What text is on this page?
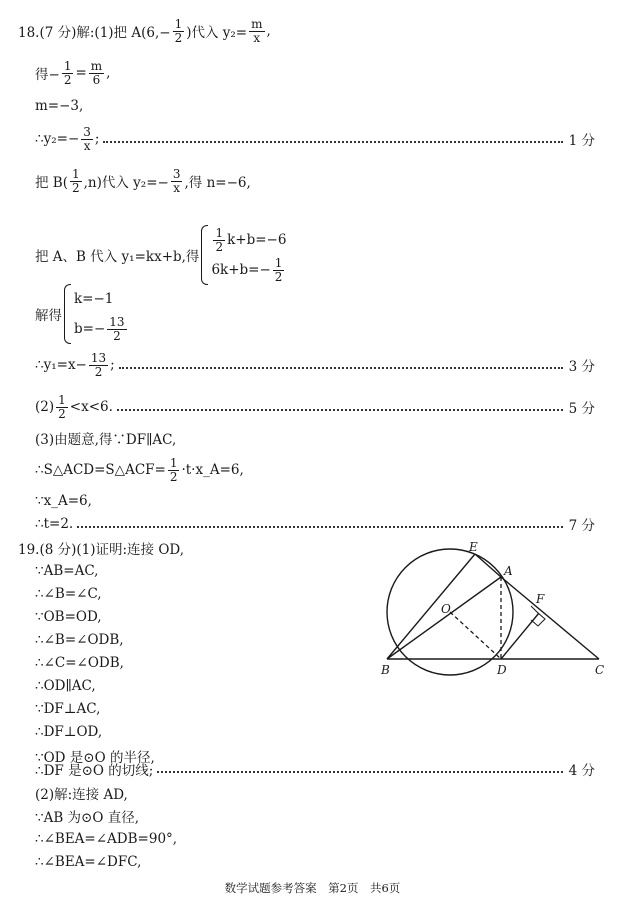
18.(7 分)解:(1)把 $A(6,- \frac{1}{2}$ )代入 $y_2= \frac{m}{x}$ ,
得− $\frac{1}{2} = \frac{m}{6}$ ,
m=−3,
∴y₂=− $\frac{3}{x}$ ;	1 分
把 $B( \frac{1}{2} ,n)$代入 $y_2=- \frac{3}{x}$ ,得 n=−6,
把 A、B 代入 y₁=kx+b,得
$\frac{1}{2} k+b=-6$
$6k+b=- \frac{1}{2}$
解得
k=−1
$b=- \frac{13}{2}$
∴y₁=x− $\frac{13}{2}$ ;	3 分
$(2) \frac{1}{2} <x<6$.	5 分
(3)由题意,得∵DF∥AC,
∴S△ACD=S△ACF= $\frac{1}{2}$ ·t·x_A=6,
∵x_A=6,
∴t=2.	7 分
∴DF 是⊙O 的切线;	4 分
E
A
F
O
B	D	C
数学试题参考答案　第2页　共6页
19.(8 分)(1)证明:连接 OD,
∵AB=AC,
∴∠B=∠C,
∵OB=OD,
∴∠B=∠ODB,
∴∠C=∠ODB,
∴OD∥AC,
∵DF⊥AC,
∴DF⊥OD,
∵OD 是⊙O 的半径,
(2)解:连接 AD,
∵AB 为⊙O 直径,
∴∠BEA=∠ADB=90°,
∴∠BEA=∠DFC,
